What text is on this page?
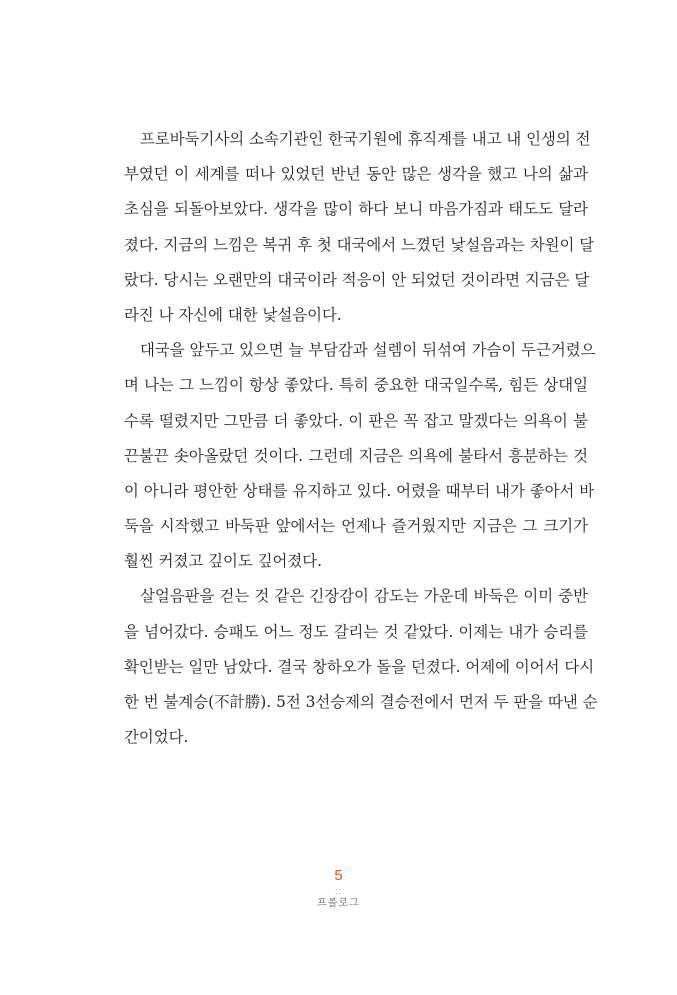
프로바둑기사의 소속기관인 한국기원에 휴직계를 내고 내 인생의 전
부였던 이 세계를 떠나 있었던 반년 동안 많은 생각을 했고 나의 삶과
초심을 되돌아보았다. 생각을 많이 하다 보니 마음가짐과 태도도 달라
졌다. 지금의 느낌은 복귀 후 첫 대국에서 느꼈던 낯설음과는 차원이 달
랐다. 당시는 오랜만의 대국이라 적응이 안 되었던 것이라면 지금은 달
라진 나 자신에 대한 낯설음이다.
대국을 앞두고 있으면 늘 부담감과 설렘이 뒤섞여 가슴이 두근거렸으
며 나는 그 느낌이 항상 좋았다. 특히 중요한 대국일수록, 힘든 상대일
수록 떨렸지만 그만큼 더 좋았다. 이 판은 꼭 잡고 말겠다는 의욕이 불
끈불끈 솟아올랐던 것이다. 그런데 지금은 의욕에 불타서 흥분하는 것
이 아니라 평안한 상태를 유지하고 있다. 어렸을 때부터 내가 좋아서 바
둑을 시작했고 바둑판 앞에서는 언제나 즐거웠지만 지금은 그 크기가
훨씬 커졌고 깊이도 깊어졌다.
살얼음판을 걷는 것 같은 긴장감이 감도는 가운데 바둑은 이미 중반
을 넘어갔다. 승패도 어느 정도 갈리는 것 같았다. 이제는 내가 승리를
확인받는 일만 남았다. 결국 창하오가 돌을 던졌다. 어제에 이어서 다시
한 번 불계승(不計勝). 5전 3선승제의 결승전에서 먼저 두 판을 따낸 순
간이었다.
5
::
프롤로그
